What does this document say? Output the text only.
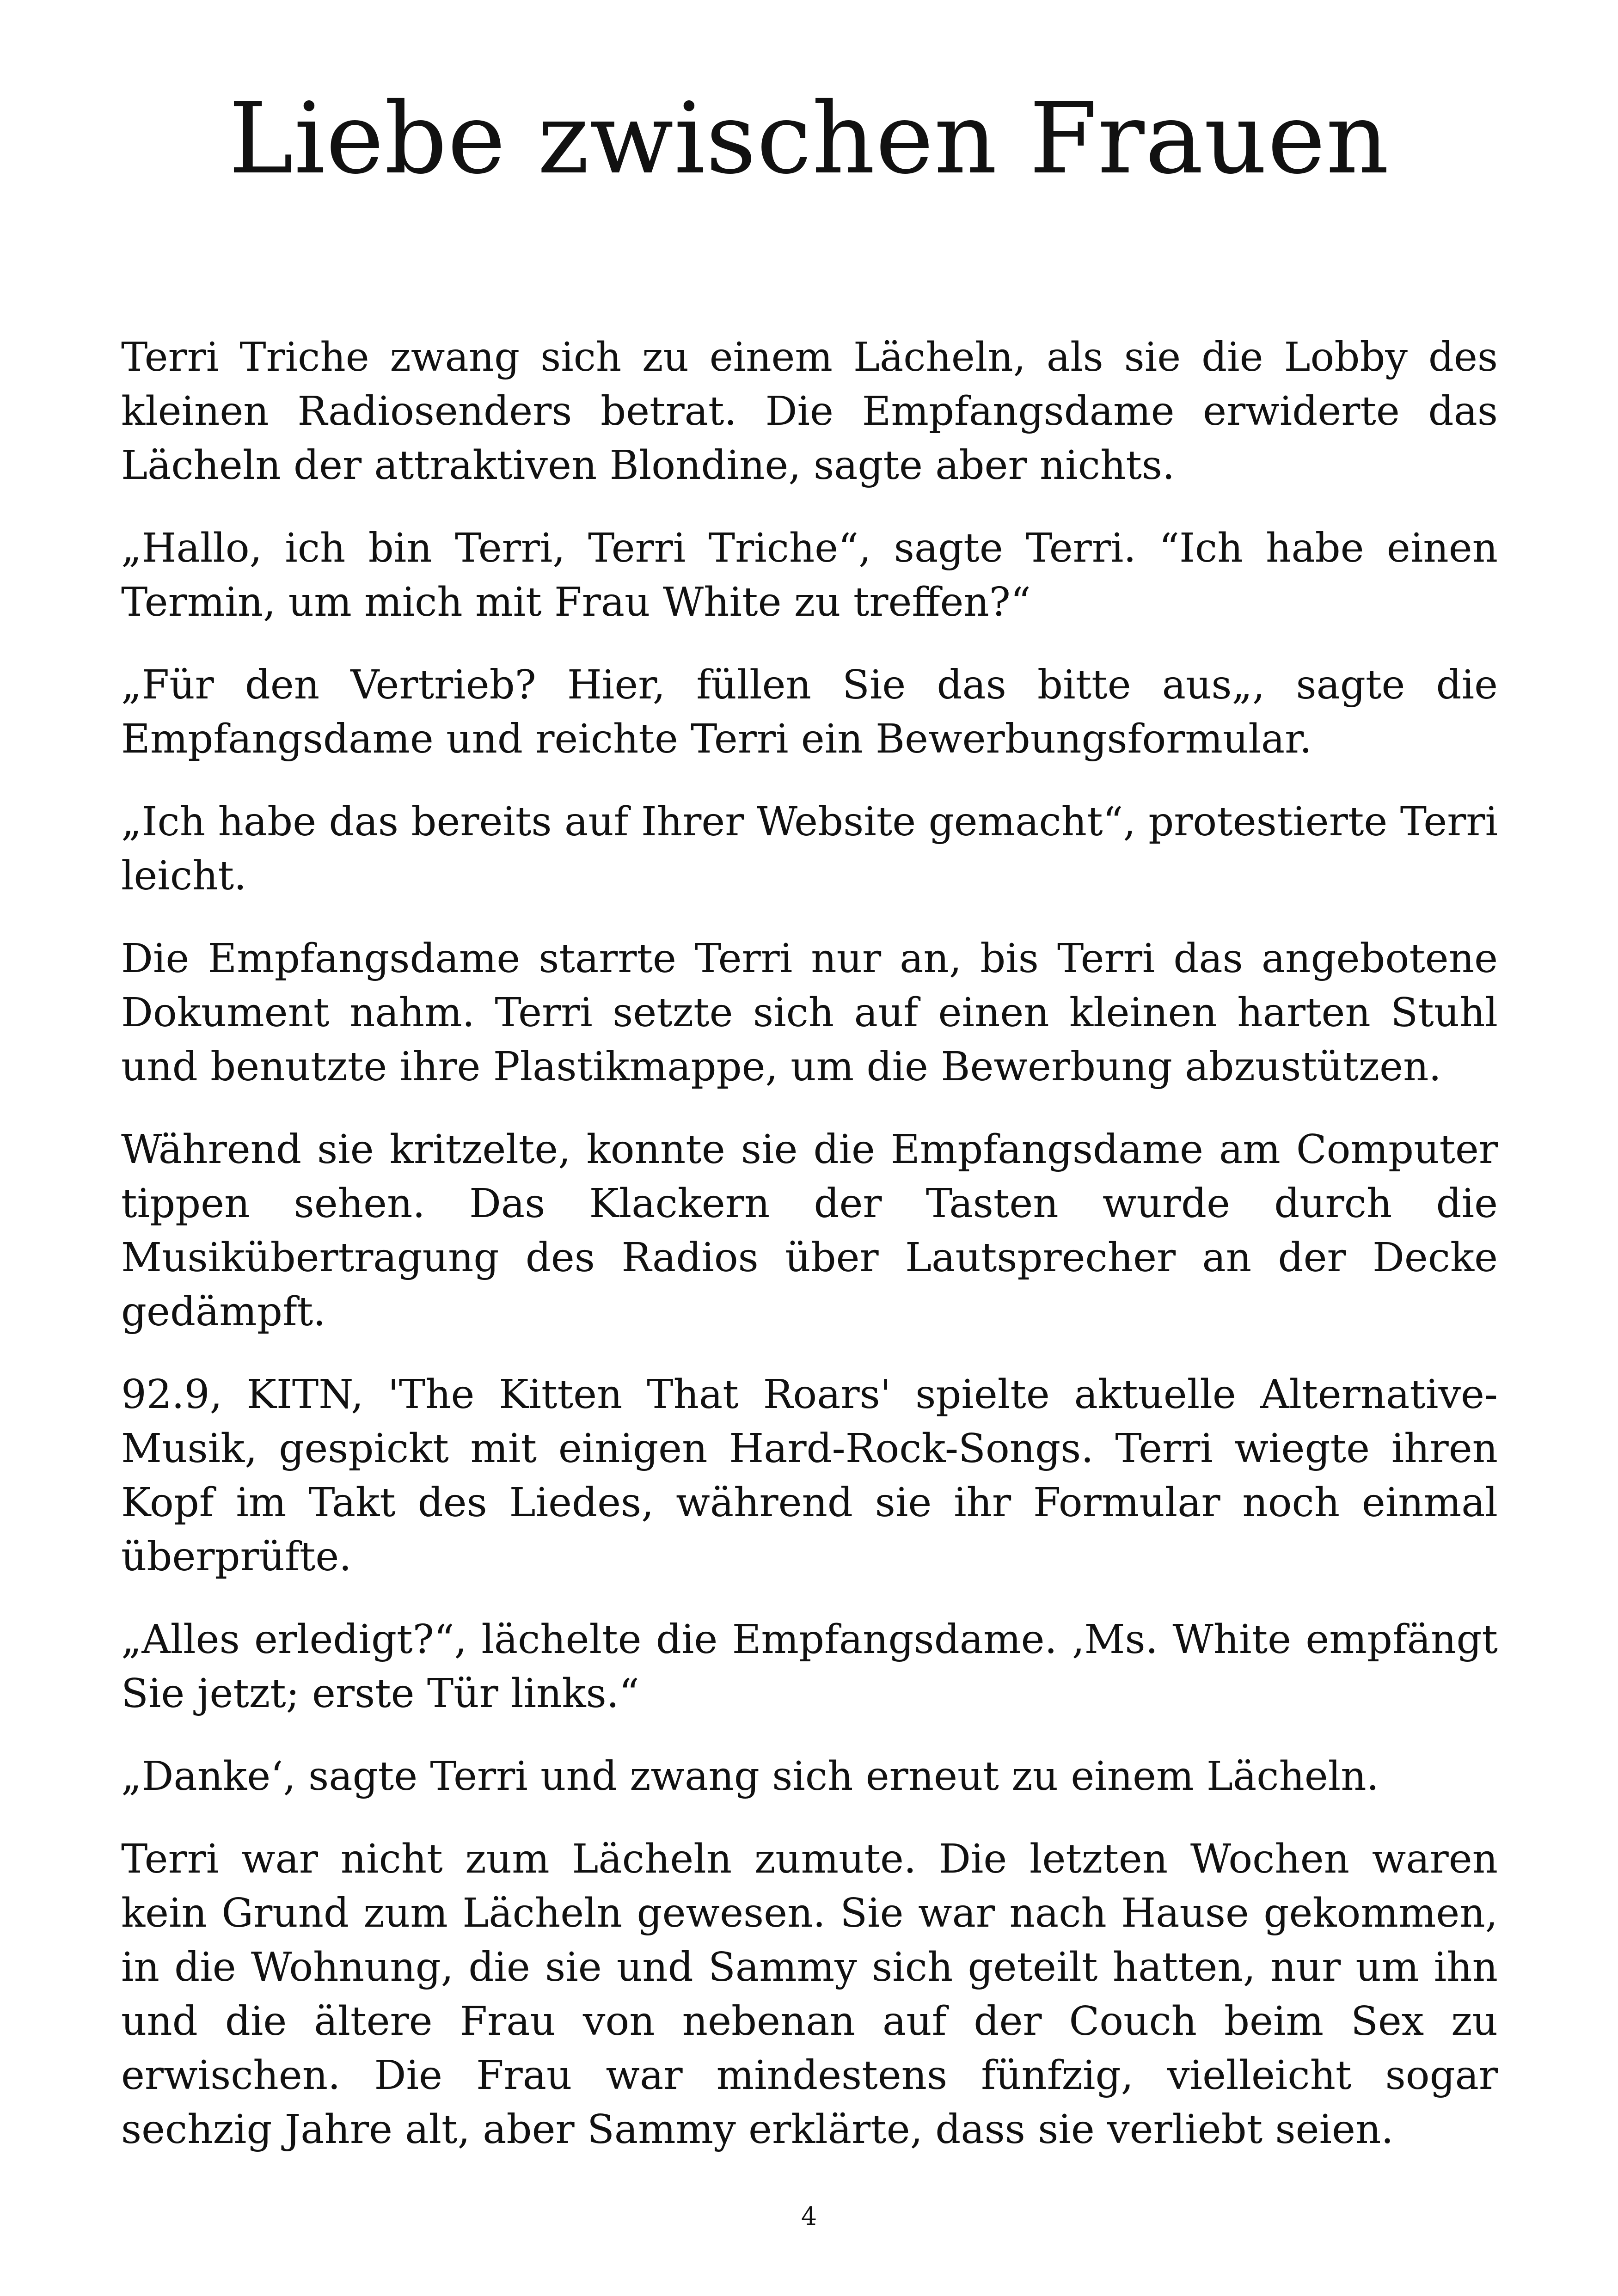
Liebe zwischen Frauen

Terri Triche zwang sich zu einem Lächeln, als sie die Lobby des kleinen Radiosenders betrat. Die Empfangsdame erwiderte das Lächeln der attraktiven Blondine, sagte aber nichts.

„Hallo, ich bin Terri, Terri Triche“, sagte Terri. “Ich habe einen Termin, um mich mit Frau White zu treffen?“

„Für den Vertrieb? Hier, füllen Sie das bitte aus„, sagte die Empfangsdame und reichte Terri ein Bewerbungsformular.

„Ich habe das bereits auf Ihrer Website gemacht“, protestierte Terri leicht.

Die Empfangsdame starrte Terri nur an, bis Terri das angebotene Dokument nahm. Terri setzte sich auf einen kleinen harten Stuhl und benutzte ihre Plastikmappe, um die Bewerbung abzustützen.

Während sie kritzelte, konnte sie die Empfangsdame am Computer tippen sehen. Das Klackern der Tasten wurde durch die Musikübertragung des Radios über Lautsprecher an der Decke gedämpft.

92.9, KITN, 'The Kitten That Roars' spielte aktuelle Alternative-Musik, gespickt mit einigen Hard-Rock-Songs. Terri wiegte ihren Kopf im Takt des Liedes, während sie ihr Formular noch einmal überprüfte.

„Alles erledigt?“, lächelte die Empfangsdame. ‚Ms. White empfängt Sie jetzt; erste Tür links.“

„Danke‘, sagte Terri und zwang sich erneut zu einem Lächeln.

Terri war nicht zum Lächeln zumute. Die letzten Wochen waren kein Grund zum Lächeln gewesen. Sie war nach Hause gekommen, in die Wohnung, die sie und Sammy sich geteilt hatten, nur um ihn und die ältere Frau von nebenan auf der Couch beim Sex zu erwischen. Die Frau war mindestens fünfzig, vielleicht sogar sechzig Jahre alt, aber Sammy erklärte, dass sie verliebt seien.

4
